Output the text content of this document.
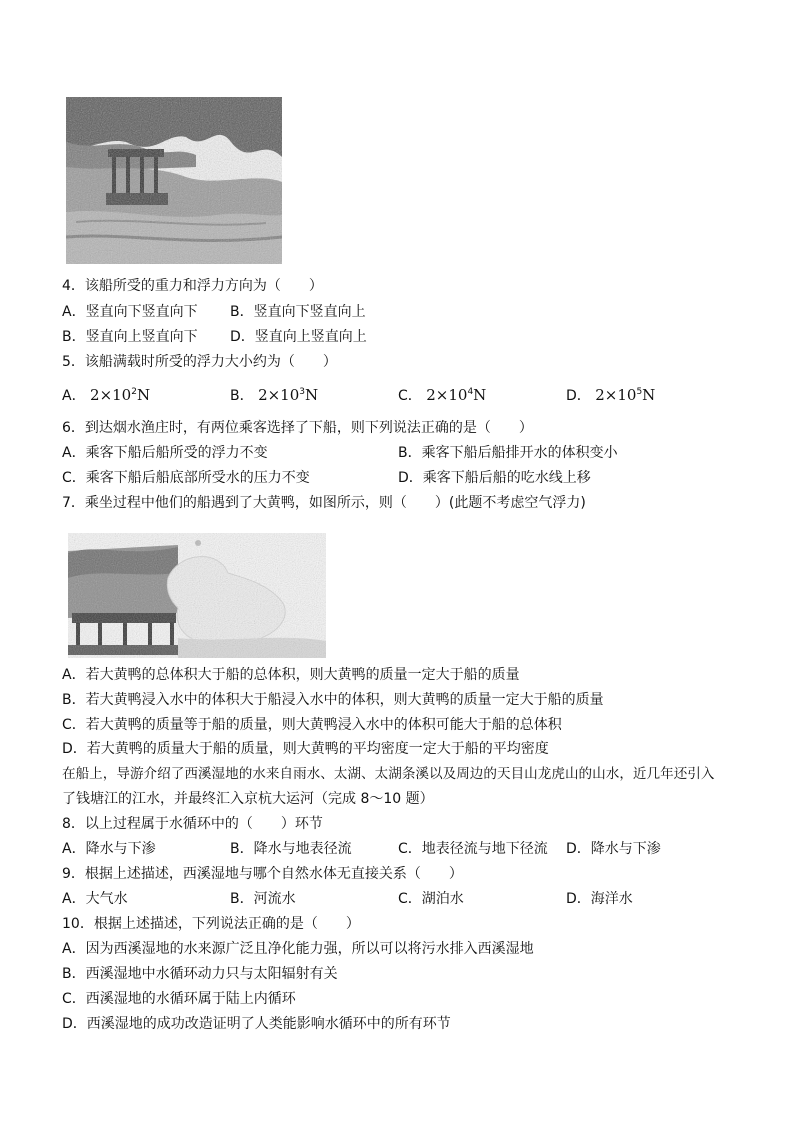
4．该船所受的重力和浮力方向为（　　）
A．竖直向下竖直向下 B．竖直向下竖直向上
B．竖直向上竖直向下 D．竖直向上竖直向上
5．该船满载时所受的浮力大小约为（　　）
A． $2\times 10^2N$	B． $2\times 10^3N$	C． $2\times 10^4N$	D． $2\times 10^5N$
6．到达烟水渔庄时，有两位乘客选择了下船，则下列说法正确的是（　　）
A．乘客下船后船所受的浮力不变	B．乘客下船后船排开水的体积变小
C．乘客下船后船底部所受水的压力不变	D．乘客下船后船的吃水线上移
7．乘坐过程中他们的船遇到了大黄鸭，如图所示，则（　　）(此题不考虑空气浮力)
A．若大黄鸭的总体积大于船的总体积，则大黄鸭的质量一定大于船的质量
B．若大黄鸭浸入水中的体积大于船浸入水中的体积，则大黄鸭的质量一定大于船的质量
C．若大黄鸭的质量等于船的质量，则大黄鸭浸入水中的体积可能大于船的总体积
D．若大黄鸭的质量大于船的质量，则大黄鸭的平均密度一定大于船的平均密度
在船上，导游介绍了西溪湿地的水来自雨水、太湖、太湖条溪以及周边的天目山龙虎山的山水，近几年还引入
了钱塘江的江水，并最终汇入京杭大运河（完成 8～10 题）
8．以上过程属于水循环中的（　　）环节
A．降水与下渗	B．降水与地表径流	C．地表径流与地下径流 D．降水与下渗
9．根据上述描述，西溪湿地与哪个自然水体无直接关系（　　）
A．大气水	B．河流水	C．湖泊水	D．海洋水
10．根据上述描述，下列说法正确的是（　　）
A．因为西溪湿地的水来源广泛且净化能力强，所以可以将污水排入西溪湿地
B．西溪湿地中水循环动力只与太阳辐射有关
C．西溪湿地的水循环属于陆上内循环
D．西溪湿地的成功改造证明了人类能影响水循环中的所有环节
